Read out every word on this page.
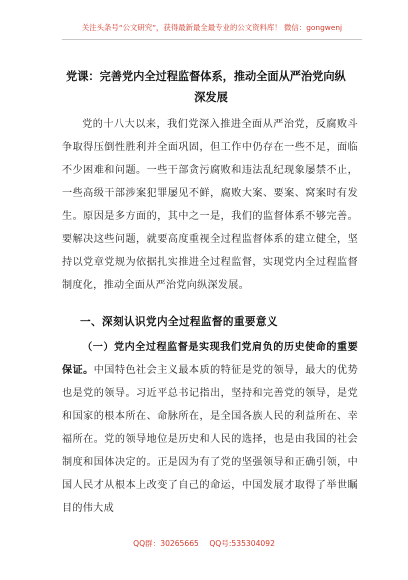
关注头条号“公文研究”，获得最新最全最专业的公文资料库！ 微信：gongwenj
党课：完善党内全过程监督体系，推动全面从严治党向纵
深发展
党的十八大以来，我们党深入推进全面从严治党，反腐败斗争取得压倒性胜利并全面巩固，但工作中仍存在一些不足，面临不少困难和问题。一些干部贪污腐败和违法乱纪现象屡禁不止，一些高级干部涉案犯罪屡见不鲜，腐败大案、要案、窝案时有发生。原因是多方面的，其中之一是，我们的监督体系不够完善。要解决这些问题，就要高度重视全过程监督体系的建立健全，坚持以党章党规为依据扎实推进全过程监督，实现党内全过程监督制度化，推动全面从严治党向纵深发展。
一、深刻认识党内全过程监督的重要意义
（一）党内全过程监督是实现我们党肩负的历史使命的重要保证。中国特色社会主义最本质的特征是党的领导，最大的优势也是党的领导。习近平总书记指出，坚持和完善党的领导，是党和国家的根本所在、命脉所在，是全国各族人民的利益所在、幸福所在。党的领导地位是历史和人民的选择，也是由我国的社会制度和国体决定的。正是因为有了党的坚强领导和正确引领，中国人民才从根本上改变了自己的命运，中国发展才取得了举世瞩目的伟大成
QQ群：30265665 QQ号:535304092
